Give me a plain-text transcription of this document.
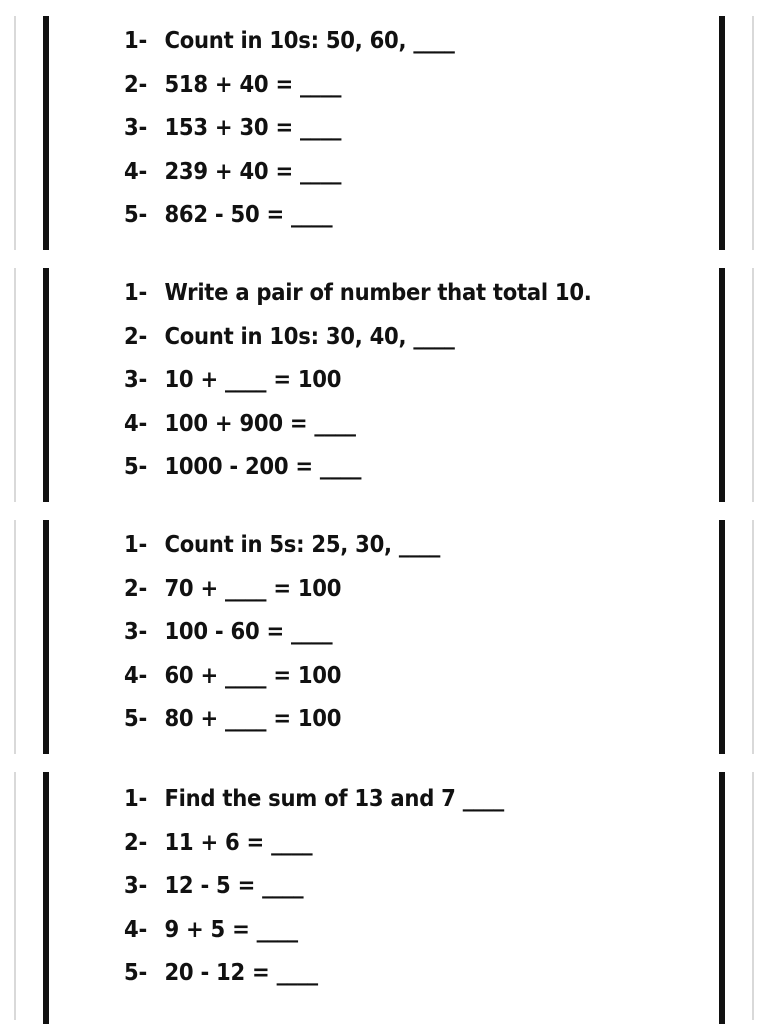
1- Count in 10s: 50, 60, ____
2- 518 + 40 = ____
3- 153 + 30 = ____
4- 239 + 40 = ____
5- 862 - 50 = ____
1- Write a pair of number that total 10.
2- Count in 10s: 30, 40, ____
3- 10 + ____ = 100
4- 100 + 900 = ____
5- 1000 - 200 = ____
1- Count in 5s: 25, 30, ____
2- 70 + ____ = 100
3- 100 - 60 = ____
4- 60 + ____ = 100
5- 80 + ____ = 100
1- Find the sum of 13 and 7 ____
2- 11 + 6 = ____
3- 12 - 5 = ____
4- 9 + 5 = ____
5- 20 - 12 = ____
